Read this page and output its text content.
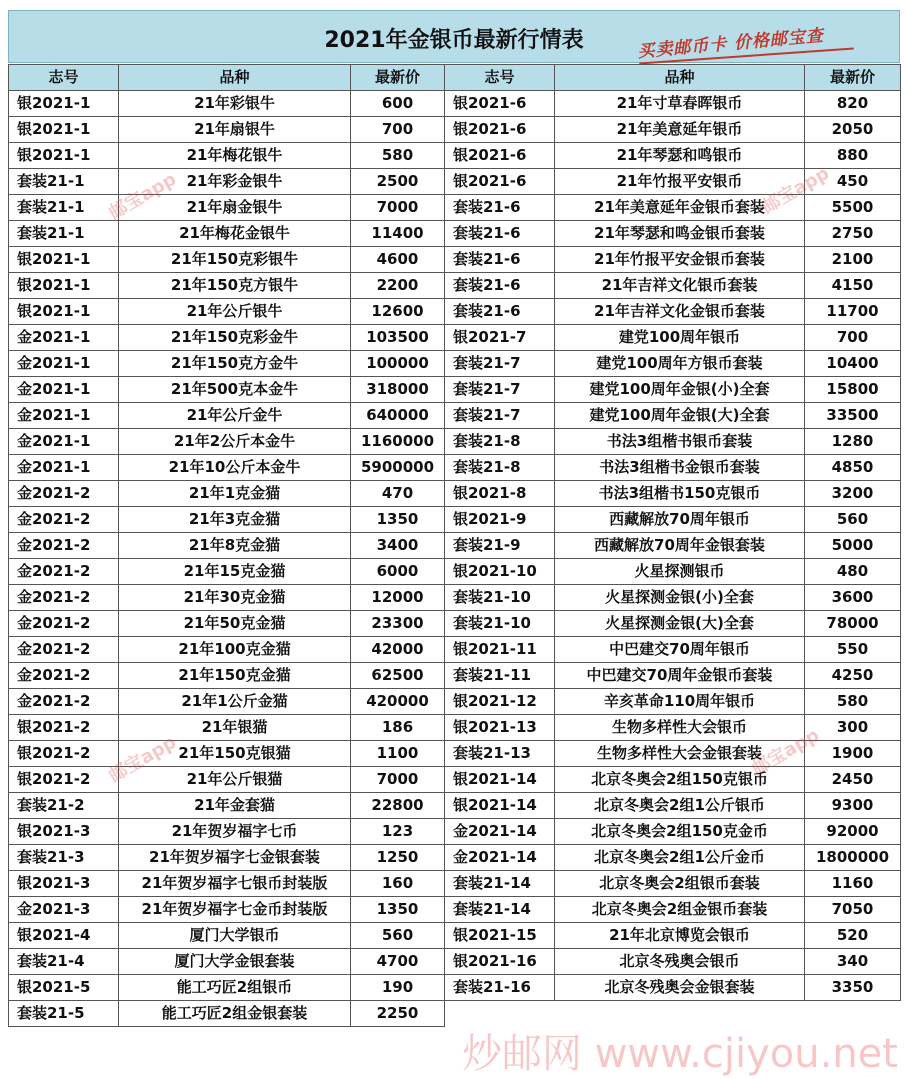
2021年金银币最新行情表	买卖邮币卡 价格邮宝查
志号	品种	最新价	志号	品种	最新价
银2021-1	21年彩银牛	600	银2021-6	21年寸草春晖银币	820
银2021-1	21年扇银牛	700	银2021-6	21年美意延年银币	2050
银2021-1	21年梅花银牛	580	银2021-6	21年琴瑟和鸣银币	880
套装21-1	21年彩金银牛	2500	银2021-6	21年竹报平安银币	450
套装21-1	21年扇金银牛	7000	套装21-6	21年美意延年金银币套装	5500
套装21-1	21年梅花金银牛	11400	套装21-6	21年琴瑟和鸣金银币套装	2750
银2021-1	21年150克彩银牛	4600	套装21-6	21年竹报平安金银币套装	2100
银2021-1	21年150克方银牛	2200	套装21-6	21年吉祥文化银币套装	4150
银2021-1	21年公斤银牛	12600	套装21-6	21年吉祥文化金银币套装	11700
金2021-1	21年150克彩金牛	103500	银2021-7	建党100周年银币	700
金2021-1	21年150克方金牛	100000	套装21-7	建党100周年方银币套装	10400
金2021-1	21年500克本金牛	318000	套装21-7	建党100周年金银(小)全套	15800
金2021-1	21年公斤金牛	640000	套装21-7	建党100周年金银(大)全套	33500
金2021-1	21年2公斤本金牛	1160000	套装21-8	书法3组楷书银币套装	1280
金2021-1	21年10公斤本金牛	5900000	套装21-8	书法3组楷书金银币套装	4850
金2021-2	21年1克金猫	470	银2021-8	书法3组楷书150克银币	3200
金2021-2	21年3克金猫	1350	银2021-9	西藏解放70周年银币	560
金2021-2	21年8克金猫	3400	套装21-9	西藏解放70周年金银套装	5000
金2021-2	21年15克金猫	6000	银2021-10	火星探测银币	480
金2021-2	21年30克金猫	12000	套装21-10	火星探测金银(小)全套	3600
金2021-2	21年50克金猫	23300	套装21-10	火星探测金银(大)全套	78000
金2021-2	21年100克金猫	42000	银2021-11	中巴建交70周年银币	550
金2021-2	21年150克金猫	62500	套装21-11	中巴建交70周年金银币套装	4250
金2021-2	21年1公斤金猫	420000	银2021-12	辛亥革命110周年银币	580
银2021-2	21年银猫	186	银2021-13	生物多样性大会银币	300
银2021-2	21年150克银猫	1100	套装21-13	生物多样性大会金银套装	1900
银2021-2	21年公斤银猫	7000	银2021-14	北京冬奥会2组150克银币	2450
套装21-2	21年金套猫	22800	银2021-14	北京冬奥会2组1公斤银币	9300
银2021-3	21年贺岁福字七币	123	金2021-14	北京冬奥会2组150克金币	92000
套装21-3	21年贺岁福字七金银套装	1250	金2021-14	北京冬奥会2组1公斤金币	1800000
银2021-3	21年贺岁福字七银币封装版	160	套装21-14	北京冬奥会2组银币套装	1160
金2021-3	21年贺岁福字七金币封装版	1350	套装21-14	北京冬奥会2组金银币套装	7050
银2021-4	厦门大学银币	560	银2021-15	21年北京博览会银币	520
套装21-4	厦门大学金银套装	4700	银2021-16	北京冬残奥会银币	340
银2021-5	能工巧匠2组银币	190	套装21-16	北京冬残奥会金银套装	3350
套装21-5	能工巧匠2组金银套装	2250			
邮宝app	邮宝app
邮宝app	邮宝app
炒邮网 www.cjiyou.net
